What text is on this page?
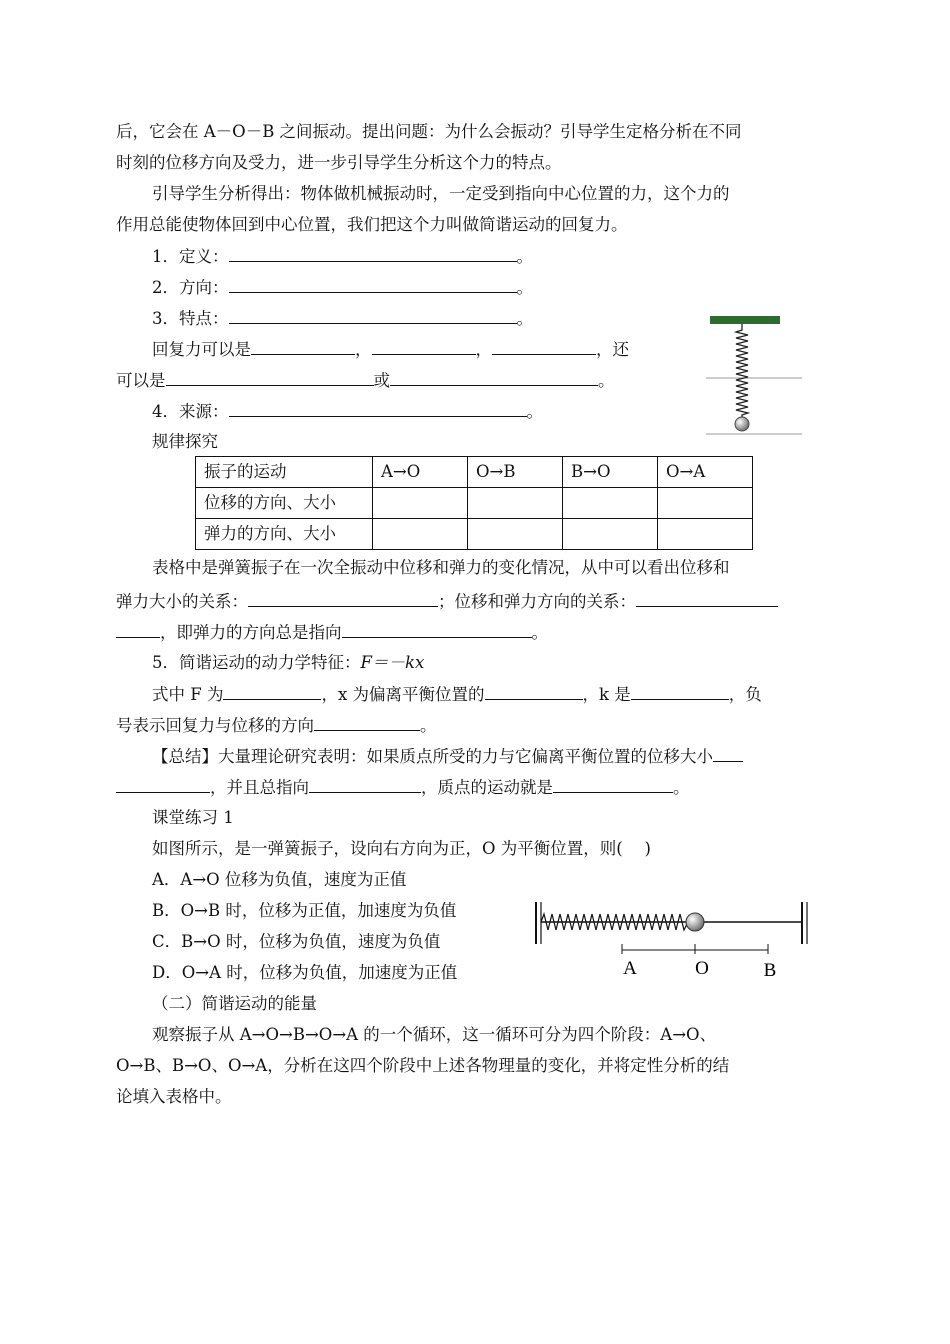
后，它会在 A－O－B 之间振动。提出问题：为什么会振动？引导学生定格分析在不同
时刻的位移方向及受力，进一步引导学生分析这个力的特点。
引导学生分析得出：物体做机械振动时，一定受到指向中心位置的力，这个力的
作用总能使物体回到中心位置，我们把这个力叫做简谐运动的回复力。
1．定义：	。
2．方向：	。
3．特点：	。
回复力可以是	，	，	，还
可以是	或	。
4．来源：	。
规律探究
振子的运动	A→O	O→B	B→O	O→A
位移的方向、大小				
弹力的方向、大小				
表格中是弹簧振子在一次全振动中位移和弹力的变化情况，从中可以看出位移和
弹力大小的关系：	；位移和弹力方向的关系：
，即弹力的方向总是指向	。
5．简谐运动的动力学特征：F＝－kx
式中 F 为	，x 为偏离平衡位置的	，k 是	，负
号表示回复力与位移的方向	。
【总结】大量理论研究表明：如果质点所受的力与它偏离平衡位置的位移大小
，并且总指向	，质点的运动就是	。
课堂练习 1
如图所示，是一弹簧振子，设向右方向为正，O 为平衡位置，则(　 )
A．A→O 位移为负值，速度为正值
B．O→B 时，位移为正值，加速度为负值
C．B→O 时，位移为负值，速度为负值
D．O→A 时，位移为负值，加速度为正值	A	O	B
（二）简谐运动的能量
观察振子从 A→O→B→O→A 的一个循环，这一循环可分为四个阶段：A→O、
O→B、B→O、O→A，分析在这四个阶段中上述各物理量的变化，并将定性分析的结
论填入表格中。
